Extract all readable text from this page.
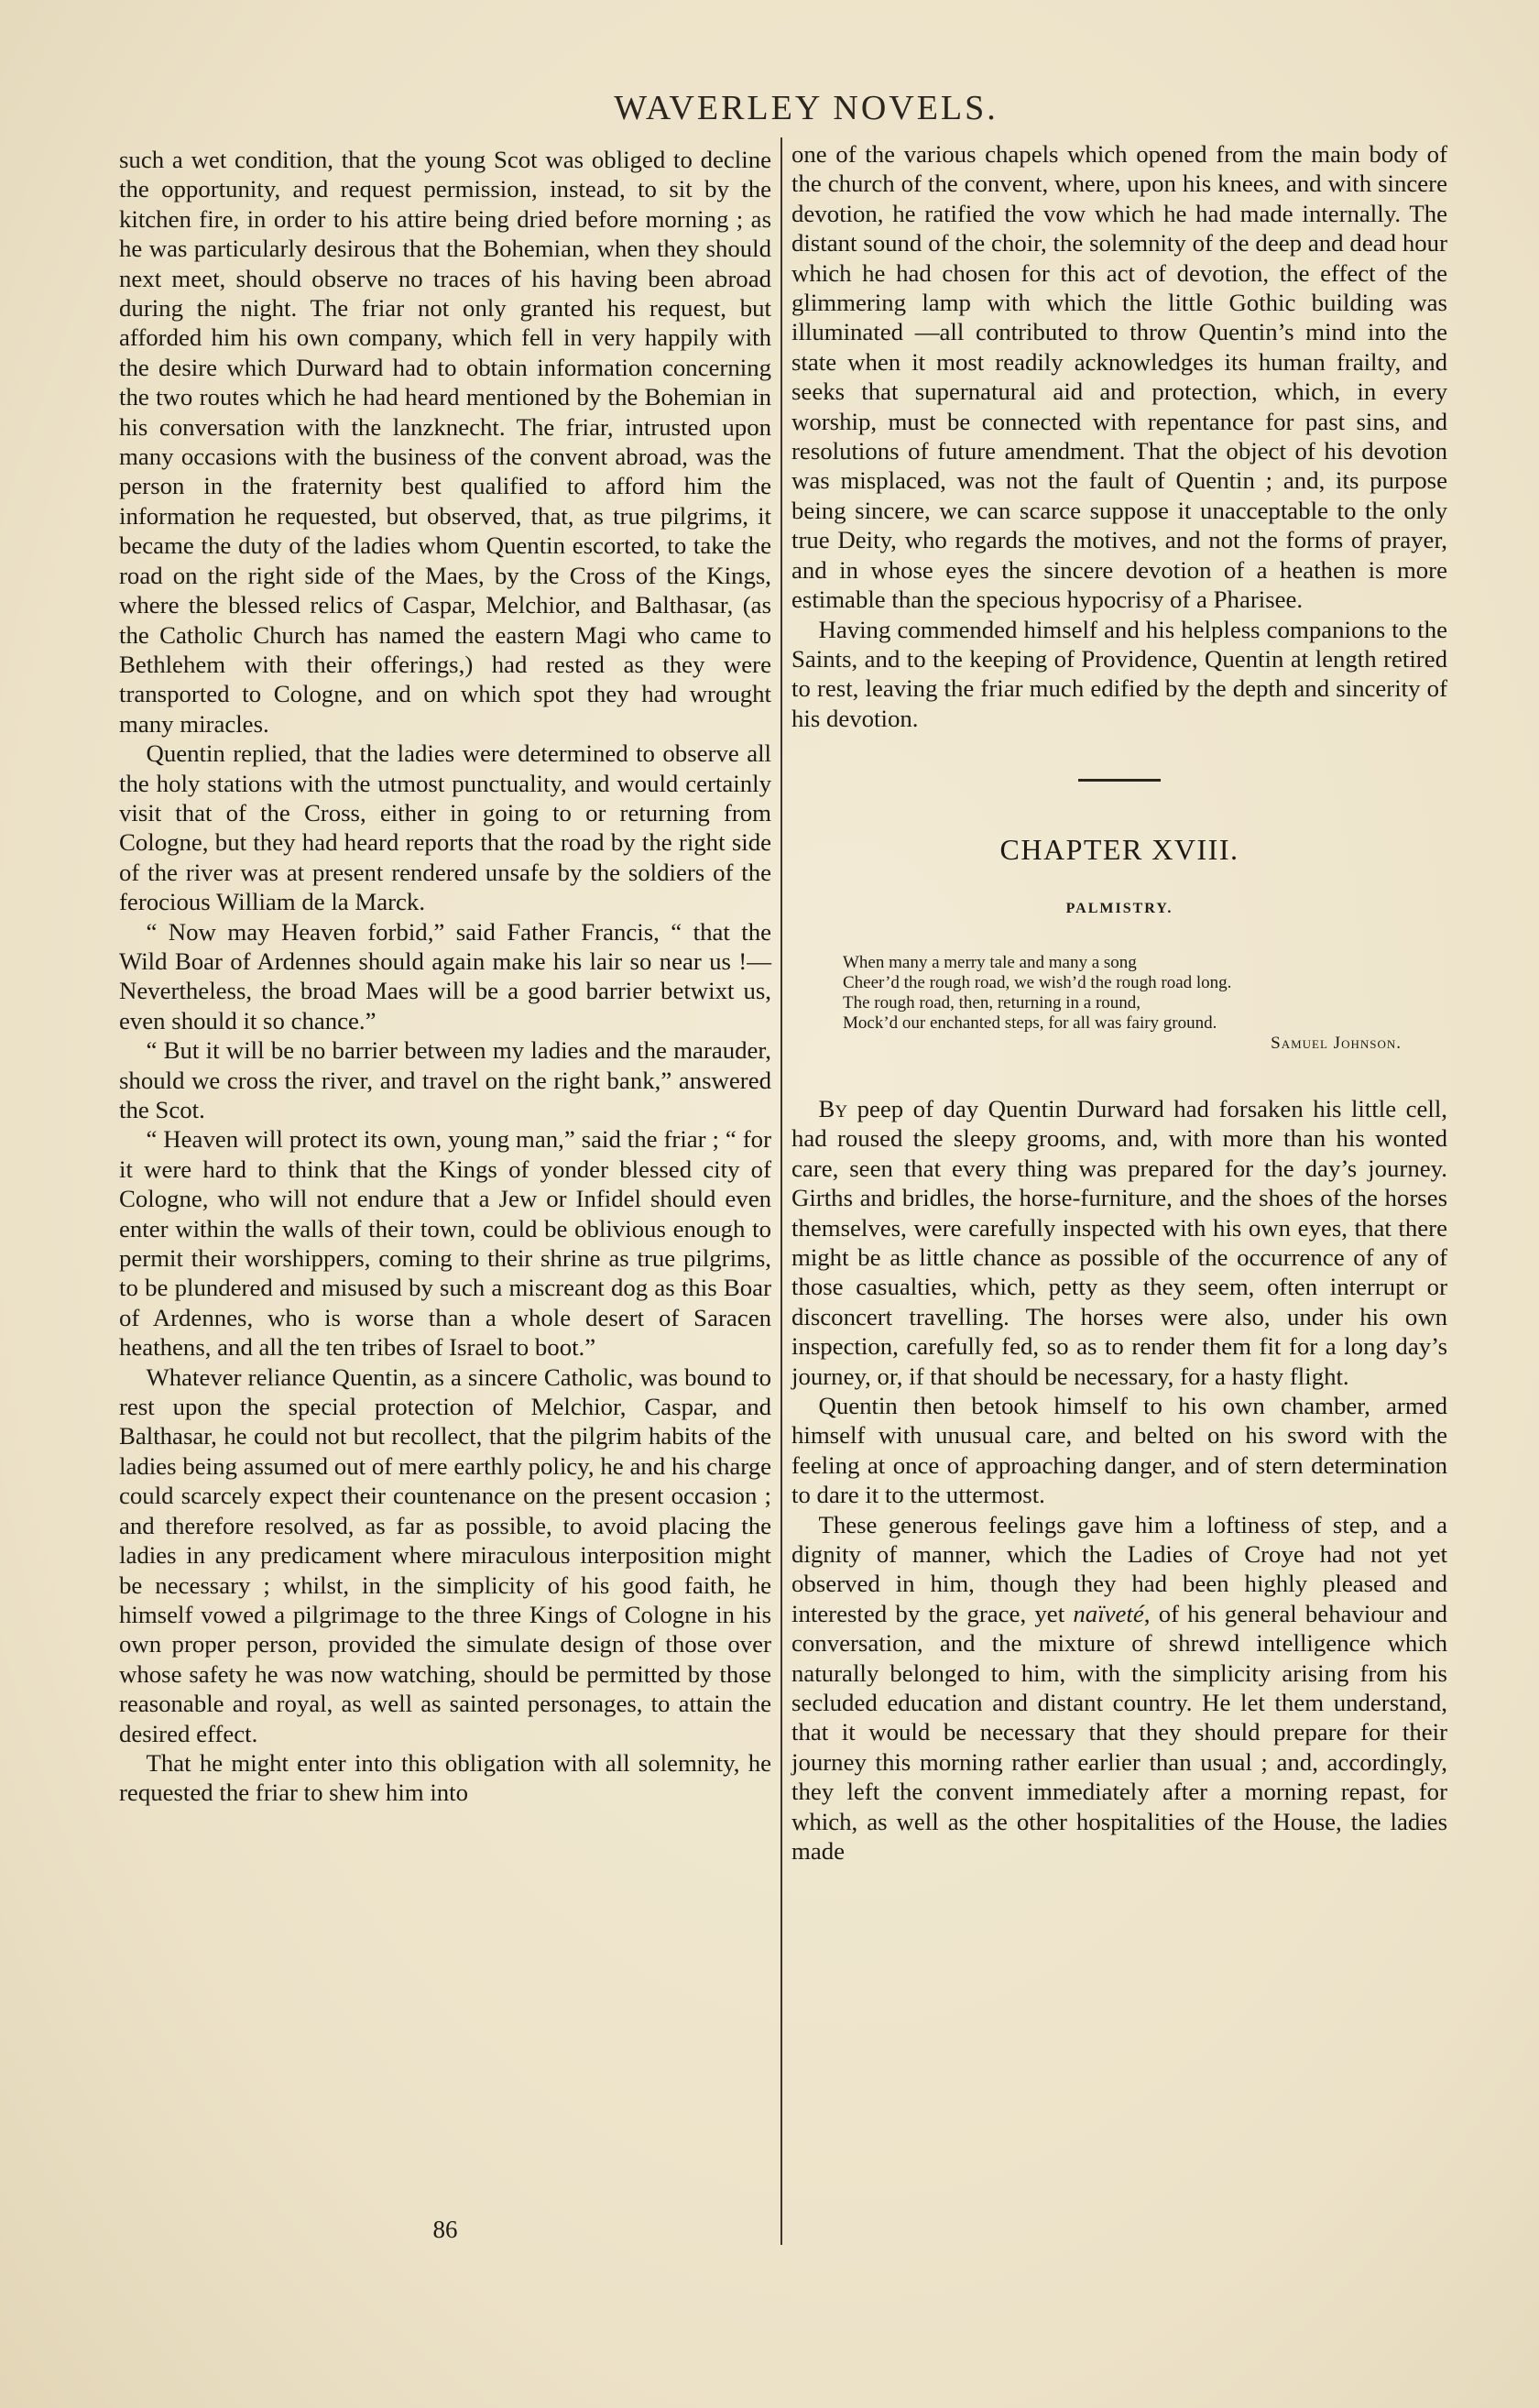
WAVERLEY NOVELS.

such a wet condition, that the young Scot was obliged to decline the opportunity, and request permission, instead, to sit by the kitchen fire, in order to his attire being dried before morning ; as he was particularly desirous that the Bohemian, when they should next meet, should observe no traces of his having been abroad during the night. The friar not only granted his request, but afforded him his own company, which fell in very happily with the desire which Durward had to obtain information concerning the two routes which he had heard mentioned by the Bohemian in his conversation with the lanzknecht. The friar, intrusted upon many occasions with the business of the convent abroad, was the person in the fraternity best qualified to afford him the information he requested, but observed, that, as true pilgrims, it became the duty of the ladies whom Quentin escorted, to take the road on the right side of the Maes, by the Cross of the Kings, where the blessed relics of Caspar, Melchior, and Balthasar, (as the Catholic Church has named the eastern Magi who came to Bethlehem with their offerings,) had rested as they were transported to Cologne, and on which spot they had wrought many miracles.

Quentin replied, that the ladies were determined to observe all the holy stations with the utmost punctuality, and would certainly visit that of the Cross, either in going to or returning from Cologne, but they had heard reports that the road by the right side of the river was at present rendered unsafe by the soldiers of the ferocious William de la Marck.

“ Now may Heaven forbid,” said Father Francis, “ that the Wild Boar of Ardennes should again make his lair so near us !—Nevertheless, the broad Maes will be a good barrier betwixt us, even should it so chance.”

“ But it will be no barrier between my ladies and the marauder, should we cross the river, and travel on the right bank,” answered the Scot.

“ Heaven will protect its own, young man,” said the friar ; “ for it were hard to think that the Kings of yonder blessed city of Cologne, who will not endure that a Jew or Infidel should even enter within the walls of their town, could be oblivious enough to permit their worshippers, coming to their shrine as true pilgrims, to be plundered and misused by such a miscreant dog as this Boar of Ardennes, who is worse than a whole desert of Saracen heathens, and all the ten tribes of Israel to boot.”

Whatever reliance Quentin, as a sincere Catholic, was bound to rest upon the special protection of Melchior, Caspar, and Balthasar, he could not but recollect, that the pilgrim habits of the ladies being assumed out of mere earthly policy, he and his charge could scarcely expect their countenance on the present occasion ; and therefore resolved, as far as possible, to avoid placing the ladies in any predicament where miraculous interposition might be necessary ; whilst, in the simplicity of his good faith, he himself vowed a pilgrimage to the three Kings of Cologne in his own proper person, provided the simulate design of those over whose safety he was now watching, should be permitted by those reasonable and royal, as well as sainted personages, to attain the desired effect.

That he might enter into this obligation with all solemnity, he requested the friar to shew him into

one of the various chapels which opened from the main body of the church of the convent, where, upon his knees, and with sincere devotion, he ratified the vow which he had made internally. The distant sound of the choir, the solemnity of the deep and dead hour which he had chosen for this act of devotion, the effect of the glimmering lamp with which the little Gothic building was illuminated —all contributed to throw Quentin’s mind into the state when it most readily acknowledges its human frailty, and seeks that supernatural aid and protection, which, in every worship, must be connected with repentance for past sins, and resolutions of future amendment. That the object of his devotion was misplaced, was not the fault of Quentin ; and, its purpose being sincere, we can scarce suppose it unacceptable to the only true Deity, who regards the motives, and not the forms of prayer, and in whose eyes the sincere devotion of a heathen is more estimable than the specious hypocrisy of a Pharisee.

Having commended himself and his helpless companions to the Saints, and to the keeping of Providence, Quentin at length retired to rest, leaving the friar much edified by the depth and sincerity of his devotion.

CHAPTER XVIII.
PALMISTRY.
When many a merry tale and many a song
Cheer’d the rough road, we wish’d the rough road long.
The rough road, then, returning in a round,
Mock’d our enchanted steps, for all was fairy ground.
Samuel Johnson.

By peep of day Quentin Durward had forsaken his little cell, had roused the sleepy grooms, and, with more than his wonted care, seen that every thing was prepared for the day’s journey. Girths and bridles, the horse-furniture, and the shoes of the horses themselves, were carefully inspected with his own eyes, that there might be as little chance as possible of the occurrence of any of those casualties, which, petty as they seem, often interrupt or disconcert travelling. The horses were also, under his own inspection, carefully fed, so as to render them fit for a long day’s journey, or, if that should be necessary, for a hasty flight.

Quentin then betook himself to his own chamber, armed himself with unusual care, and belted on his sword with the feeling at once of approaching danger, and of stern determination to dare it to the uttermost.

These generous feelings gave him a loftiness of step, and a dignity of manner, which the Ladies of Croye had not yet observed in him, though they had been highly pleased and interested by the grace, yet naïveté, of his general behaviour and conversation, and the mixture of shrewd intelligence which naturally belonged to him, with the simplicity arising from his secluded education and distant country. He let them understand, that it would be necessary that they should prepare for their journey this morning rather earlier than usual ; and, accordingly, they left the convent immediately after a morning repast, for which, as well as the other hospitalities of the House, the ladies made

86
